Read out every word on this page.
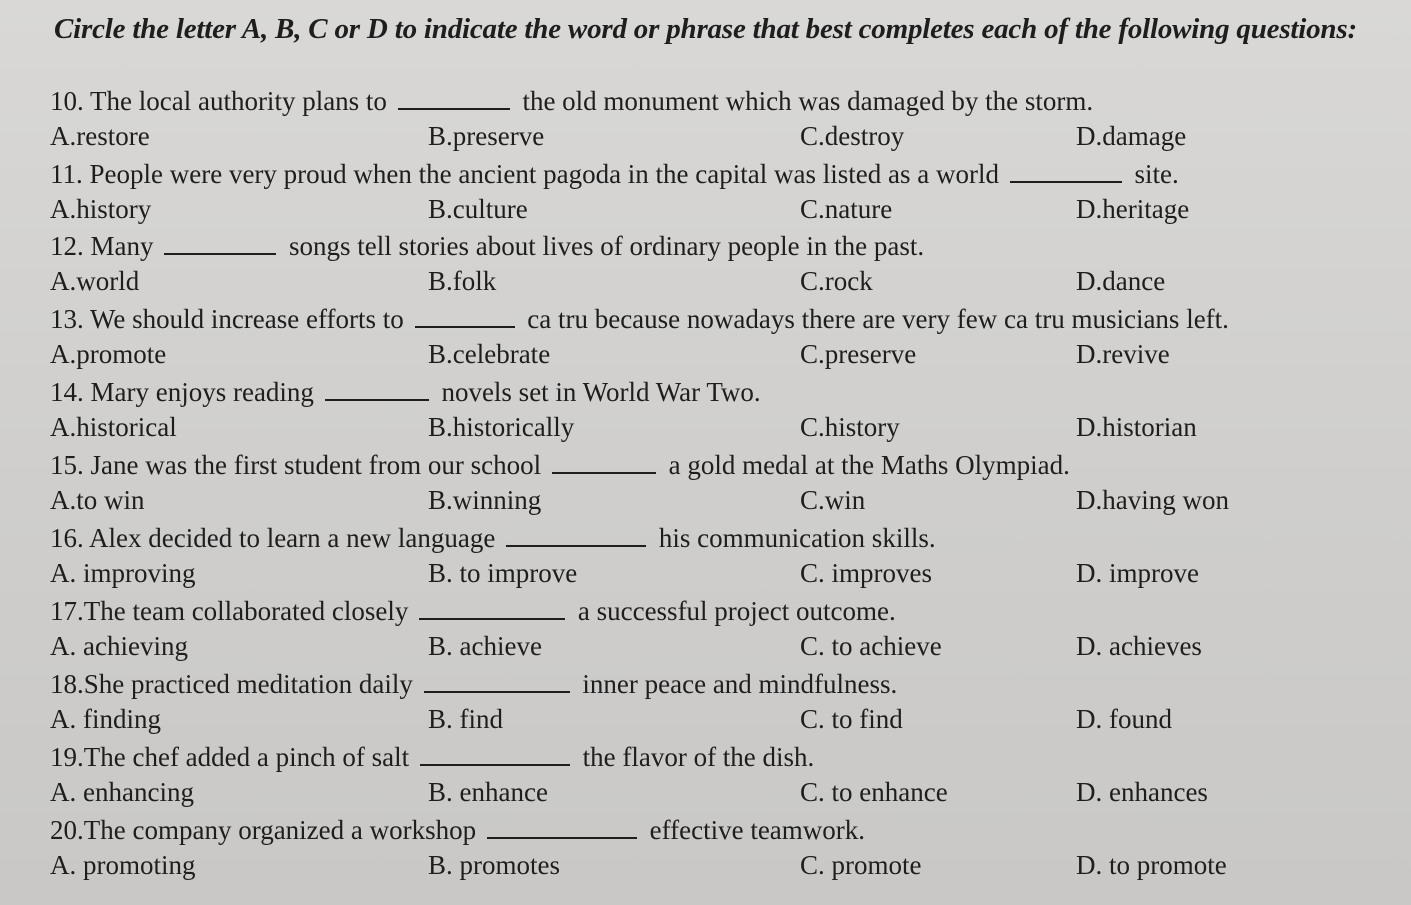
Circle the letter A, B, C or D to indicate the word or phrase that best completes each of the following questions:
10. The local authority plans to	the old monument which was damaged by the storm.
A.restore	B.preserve	C.destroy	D.damage
11. People were very proud when the ancient pagoda in the capital was listed as a world	site.
A.history	B.culture	C.nature	D.heritage
12. Many	songs tell stories about lives of ordinary people in the past.
A.world	B.folk	C.rock	D.dance
13. We should increase efforts to	ca tru because nowadays there are very few ca tru musicians left.
A.promote	B.celebrate	C.preserve	D.revive
14. Mary enjoys reading	novels set in World War Two.
A.historical	B.historically	C.history	D.historian
15. Jane was the first student from our school	a gold medal at the Maths Olympiad.
A.to win	B.winning	C.win	D.having won
16. Alex decided to learn a new language	his communication skills.
A. improving	B. to improve	C. improves	D. improve
17.The team collaborated closely	a successful project outcome.
A. achieving	B. achieve	C. to achieve	D. achieves
18.She practiced meditation daily	inner peace and mindfulness.
A. finding	B. find	C. to find	D. found
19.The chef added a pinch of salt	the flavor of the dish.
A. enhancing	B. enhance	C. to enhance	D. enhances
20.The company organized a workshop	effective teamwork.
A. promoting	B. promotes	C. promote	D. to promote
